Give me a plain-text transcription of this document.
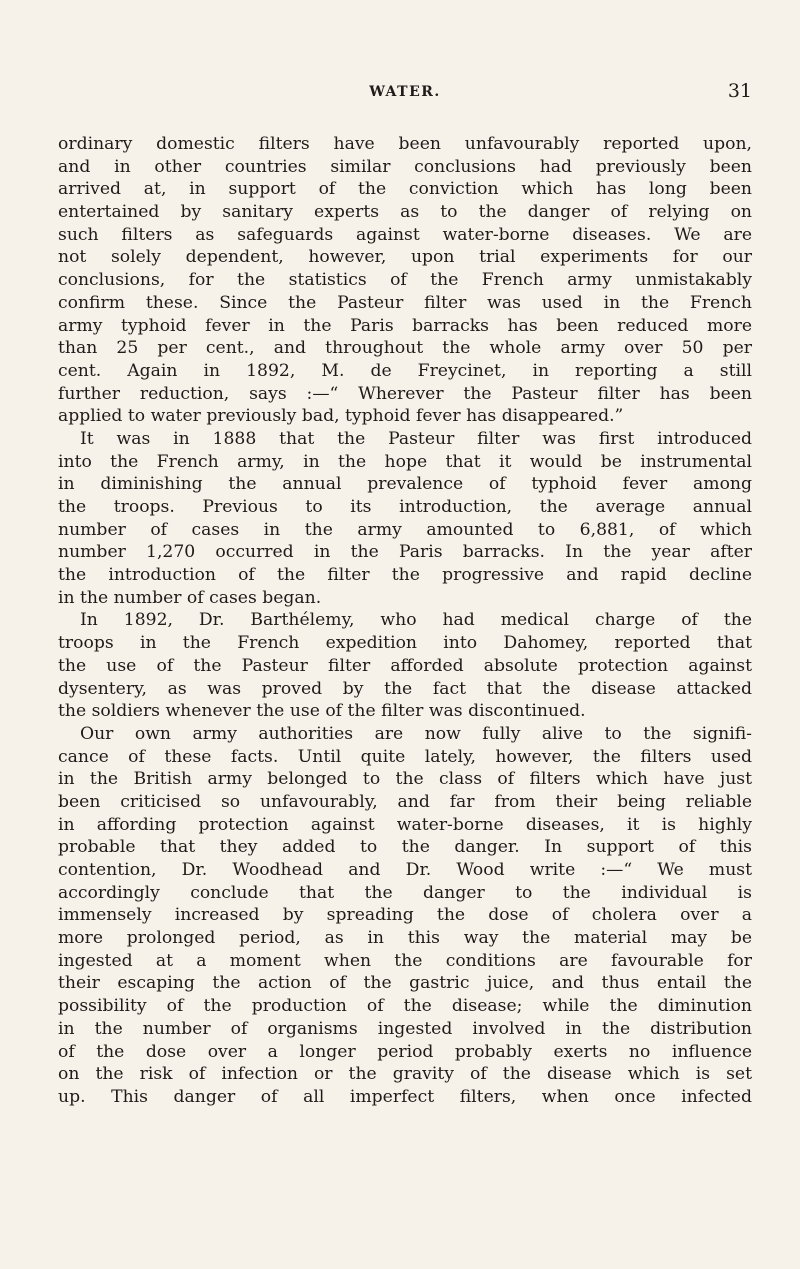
WATER.	31
ordinary domestic filters have been unfavourably reported upon,
and in other countries similar conclusions had previously been
arrived at, in support of the conviction which has long been
entertained by sanitary experts as to the danger of relying on
such filters as safeguards against water-borne diseases. We are
not solely dependent, however, upon trial experiments for our
conclusions, for the statistics of the French army unmistakably
confirm these. Since the Pasteur filter was used in the French
army typhoid fever in the Paris barracks has been reduced more
than 25 per cent., and throughout the whole army over 50 per
cent. Again in 1892, M. de Freycinet, in reporting a still
further reduction, says :—“ Wherever the Pasteur filter has been
applied to water previously bad, typhoid fever has disappeared.”
It was in 1888 that the Pasteur filter was first introduced
into the French army, in the hope that it would be instrumental
in diminishing the annual prevalence of typhoid fever among
the troops. Previous to its introduction, the average annual
number of cases in the army amounted to 6,881, of which
number 1,270 occurred in the Paris barracks. In the year after
the introduction of the filter the progressive and rapid decline
in the number of cases began.
In 1892, Dr. Barthélemy, who had medical charge of the
troops in the French expedition into Dahomey, reported that
the use of the Pasteur filter afforded absolute protection against
dysentery, as was proved by the fact that the disease attacked
the soldiers whenever the use of the filter was discontinued.
Our own army authorities are now fully alive to the signifi-
cance of these facts. Until quite lately, however, the filters used
in the British army belonged to the class of filters which have just
been criticised so unfavourably, and far from their being reliable
in affording protection against water-borne diseases, it is highly
probable that they added to the danger. In support of this
contention, Dr. Woodhead and Dr. Wood write :—“ We must
accordingly conclude that the danger to the individual is
immensely increased by spreading the dose of cholera over a
more prolonged period, as in this way the material may be
ingested at a moment when the conditions are favourable for
their escaping the action of the gastric juice, and thus entail the
possibility of the production of the disease; while the diminution
in the number of organisms ingested involved in the distribution
of the dose over a longer period probably exerts no influence
on the risk of infection or the gravity of the disease which is set
up. This danger of all imperfect filters, when once infected
